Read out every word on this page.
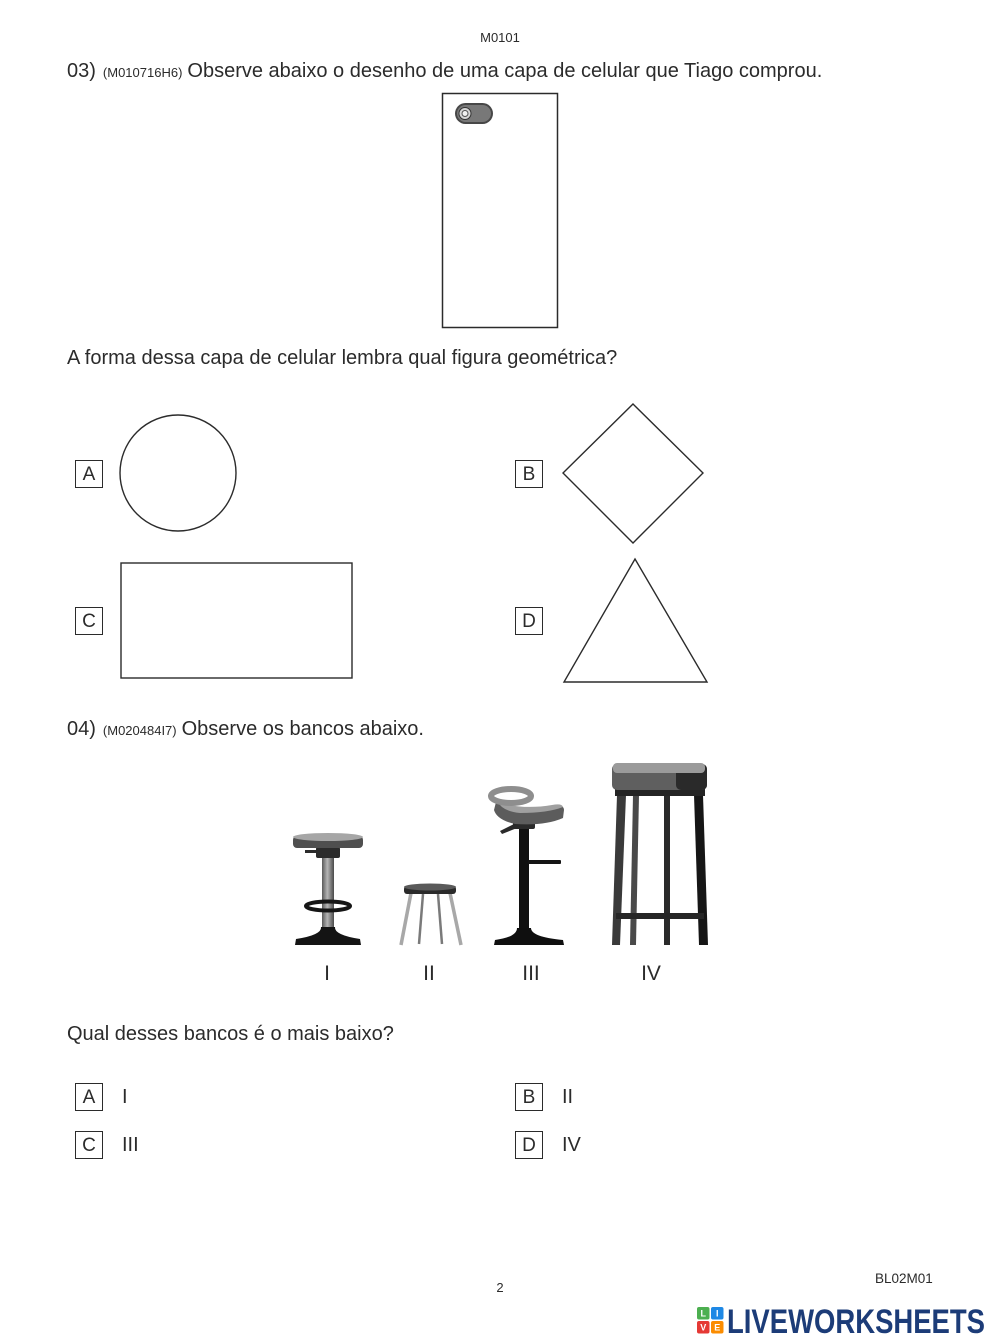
M0101
03) (M010716H6) Observe abaixo o desenho de uma capa de celular que Tiago comprou.
A forma dessa capa de celular lembra qual figura geométrica?
A	B
C	D
04) (M020484I7) Observe os bancos abaixo.
I	II	III	IV
Qual desses bancos é o mais baixo?
A	I	B	II
C	III	D	IV
BL02M01
2
L I
V E LIVEWORKSHEETS
